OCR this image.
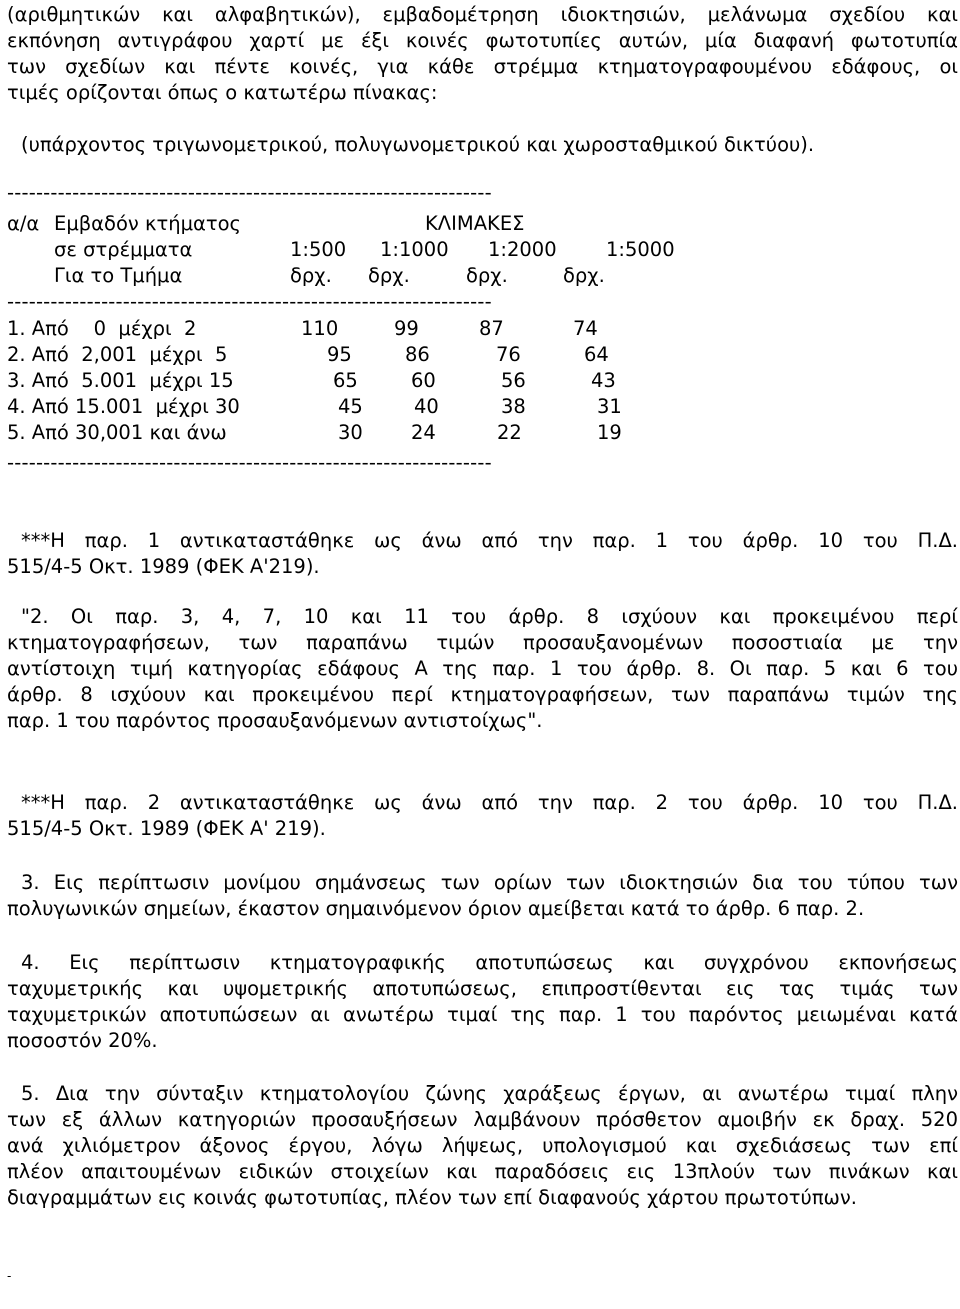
(αριθμητικών και αλφαβητικών), εμβαδομέτρηση ιδιοκτησιών, μελάνωμα σχεδίου και
εκπόνηση αντιγράφου χαρτί με έξι κοινές φωτοτυπίες αυτών, μία διαφανή φωτοτυπία
των σχεδίων και πέντε κοινές, για κάθε στρέμμα κτηματογραφουμένου εδάφους, οι
τιμές ορίζονται όπως ο κατωτέρω πίνακας:
(υπάρχοντος τριγωνομετρικού, πολυγωνομετρικού και χωροσταθμικού δικτύου).
-------------------------------------------------------------------
α/α Εμβαδόν κτήματος	ΚΛΙΜΑΚΕΣ
σε στρέμματα	1:500 1:1000 1:2000	1:5000
Για το Τμήμα	δρχ. δρχ.	δρχ.	δρχ.
-------------------------------------------------------------------
1. Από    0  μέχρι  2	110	99	87	74
2. Από  2,001  μέχρι  5	95	86	76	64
3. Από  5.001  μέχρι 15	65	60	56	43
4. Από 15.001  μέχρι 30	45	40	38	31
5. Από 30,001 και άνω	30 24	22	19
-------------------------------------------------------------------
***Η παρ. 1 αντικαταστάθηκε ως άνω από την παρ. 1 του άρθρ. 10 του Π.Δ.
515/4-5 Οκτ. 1989 (ΦΕΚ Α'219).
"2. Οι παρ. 3, 4, 7, 10 και 11 του άρθρ. 8 ισχύουν και προκειμένου περί
κτηματογραφήσεων, των παραπάνω τιμών προσαυξανομένων ποσοστιαία με την
αντίστοιχη τιμή κατηγορίας εδάφους Α της παρ. 1 του άρθρ. 8. Οι παρ. 5 και 6 του
άρθρ. 8 ισχύουν και προκειμένου περί κτηματογραφήσεων, των παραπάνω τιμών της
παρ. 1 του παρόντος προσαυξανόμενων αντιστοίχως".
***Η παρ. 2 αντικαταστάθηκε ως άνω από την παρ. 2 του άρθρ. 10 του Π.Δ.
515/4-5 Οκτ. 1989 (ΦΕΚ Α' 219).
3. Εις περίπτωσιν μονίμου σημάνσεως των ορίων των ιδιοκτησιών δια του τύπου των
πολυγωνικών σημείων, έκαστον σημαινόμενον όριον αμείβεται κατά το άρθρ. 6 παρ. 2.
4. Εις περίπτωσιν κτηματογραφικής αποτυπώσεως και συγχρόνου εκπονήσεως
ταχυμετρικής και υψομετρικής αποτυπώσεως, επιπροστίθενται εις τας τιμάς των
ταχυμετρικών αποτυπώσεων αι ανωτέρω τιμαί της παρ. 1 του παρόντος μειωμέναι κατά
ποσοστόν 20%.
5. Δια την σύνταξιν κτηματολογίου ζώνης χαράξεως έργων, αι ανωτέρω τιμαί πλην
των εξ άλλων κατηγοριών προσαυξήσεων λαμβάνουν πρόσθετον αμοιβήν εκ δραχ. 520
ανά χιλιόμετρον άξονος έργου, λόγω λήψεως, υπολογισμού και σχεδιάσεως των επί
πλέον απαιτουμένων ειδικών στοιχείων και παραδόσεις εις 13πλούν των πινάκων και
διαγραμμάτων εις κοινάς φωτοτυπίας, πλέον των επί διαφανούς χάρτου πρωτοτύπων.
-
